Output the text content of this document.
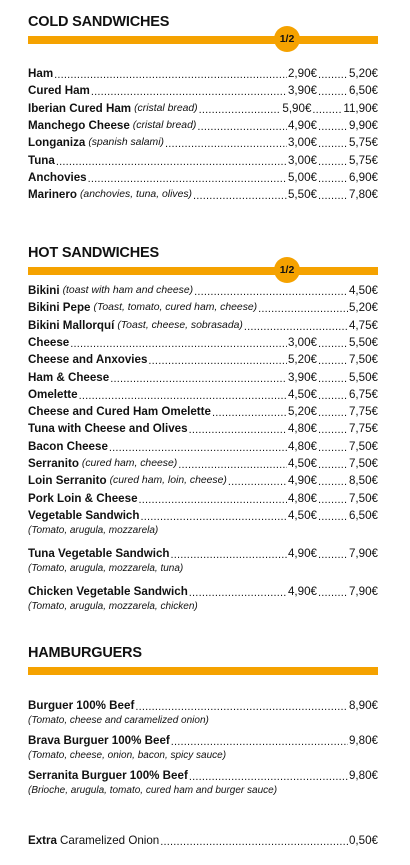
COLD SANDWICHES
1/2
Ham .....	2,90€ .....	5,20€
Cured Ham .....	3,90€ .....	6,50€
Iberian Cured Ham (cristal bread) .....	5,90€ .....	11,90€
Manchego Cheese (cristal bread) .....	4,90€ .....	9,90€
Longaniza (spanish salami) .....	3,00€ .....	5,75€
Tuna .....	3,00€ .....	5,75€
Anchovies .....	5,00€ .....	6,90€
Marinero (anchovies, tuna, olives) .....	5,50€ .....	7,80€
HOT SANDWICHES
1/2
Bikini (toast with ham and cheese) .....	4,50€
Bikini Pepe (Toast, tomato, cured ham, cheese) .....	5,20€
Bikini Mallorquí (Toast, cheese, sobrasada) .....	4,75€
Cheese .....	3,00€ .....	5,50€
Cheese and Anxovies .....	5,20€ .....	7,50€
Ham & Cheese .....	3,90€ .....	5,50€
Omelette .....	4,50€ .....	6,75€
Cheese and Cured Ham Omelette .....	5,20€ .....	7,75€
Tuna with Cheese and Olives .....	4,80€ .....	7,75€
Bacon Cheese .....	4,80€ .....	7,50€
Serranito (cured ham, cheese) .....	4,50€ .....	7,50€
Loin Serranito (cured ham, loin, cheese) .....	4,90€ .....	8,50€
Pork Loin & Cheese .....	4,80€ .....	7,50€
Vegetable Sandwich .....	4,50€ .....	6,50€
(Tomato, arugula, mozzarela)
Tuna Vegetable Sandwich .....	4,90€ .....	7,90€
(Tomato, arugula, mozzarela, tuna)
Chicken Vegetable Sandwich .....	4,90€ .....	7,90€
(Tomato, arugula, mozzarela, chicken)
HAMBURGUERS
Burguer 100% Beef .....	8,90€
(Tomato, cheese and caramelized onion)
Brava Burguer 100% Beef .....	9,80€
(Tomato, cheese, onion, bacon, spicy sauce)
Serranita Burguer 100% Beef .....	9,80€
(Brioche, arugula, tomato, cured ham and burger sauce)
Extra Caramelized Onion .....	0,50€
